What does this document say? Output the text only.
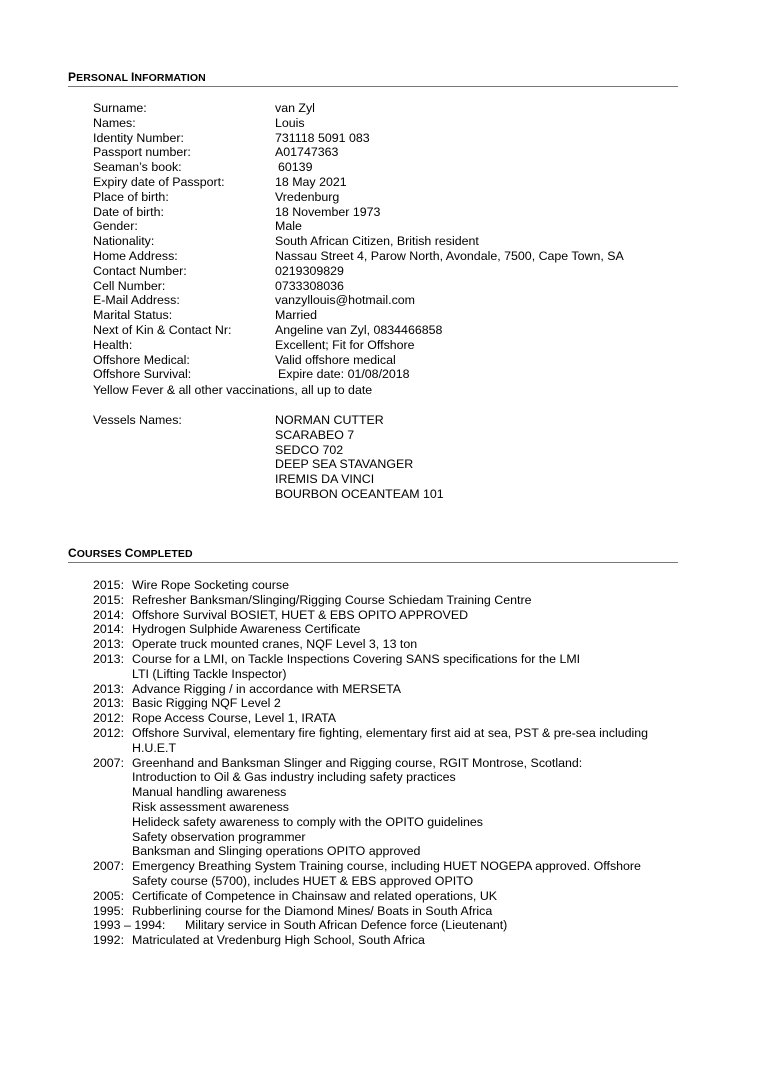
PERSONAL INFORMATION
Surname:	van Zyl
Names:	Louis
Identity Number:	731118 5091 083
Passport number:	A01747363
Seaman’s book:	60139
Expiry date of Passport:	18 May 2021
Place of birth:	Vredenburg
Date of birth:	18 November 1973
Gender:	Male
Nationality:	South African Citizen, British resident
Home Address:	Nassau Street 4, Parow North, Avondale, 7500, Cape Town, SA
Contact Number:	0219309829
Cell Number:	0733308036
E-Mail Address:	vanzyllouis@hotmail.com
Marital Status:	Married
Next of Kin & Contact Nr:	Angeline van Zyl, 0834466858
Health:	Excellent; Fit for Offshore
Offshore Medical:	Valid offshore medical
Offshore Survival:	Expire date: 01/08/2018
Yellow Fever & all other vaccinations, all up to date
Vessels Names:	NORMAN CUTTER
SCARABEO 7
SEDCO 702
DEEP SEA STAVANGER
IREMIS DA VINCI
BOURBON OCEANTEAM 101
COURSES COMPLETED
2015: Wire Rope Socketing course
2015: Refresher Banksman/Slinging/Rigging Course Schiedam Training Centre
2014: Offshore Survival BOSIET, HUET & EBS OPITO APPROVED
2014: Hydrogen Sulphide Awareness Certificate
2013: Operate truck mounted cranes, NQF Level 3, 13 ton
2013: Course for a LMI, on Tackle Inspections Covering SANS specifications for the LMI
LTI (Lifting Tackle Inspector)
2013: Advance Rigging / in accordance with MERSETA
2013: Basic Rigging NQF Level 2
2012: Rope Access Course, Level 1, IRATA
2012: Offshore Survival, elementary fire fighting, elementary first aid at sea, PST & pre-sea including
H.U.E.T
2007: Greenhand and Banksman Slinger and Rigging course, RGIT Montrose, Scotland:
Introduction to Oil & Gas industry including safety practices
Manual handling awareness
Risk assessment awareness
Helideck safety awareness to comply with the OPITO guidelines
Safety observation programmer
Banksman and Slinging operations OPITO approved
2007: Emergency Breathing System Training course, including HUET NOGEPA approved. Offshore
Safety course (5700), includes HUET & EBS approved OPITO
2005: Certificate of Competence in Chainsaw and related operations, UK
1995: Rubberlining course for the Diamond Mines/ Boats in South Africa
1993 – 1994: Military service in South African Defence force (Lieutenant)
1992: Matriculated at Vredenburg High School, South Africa
